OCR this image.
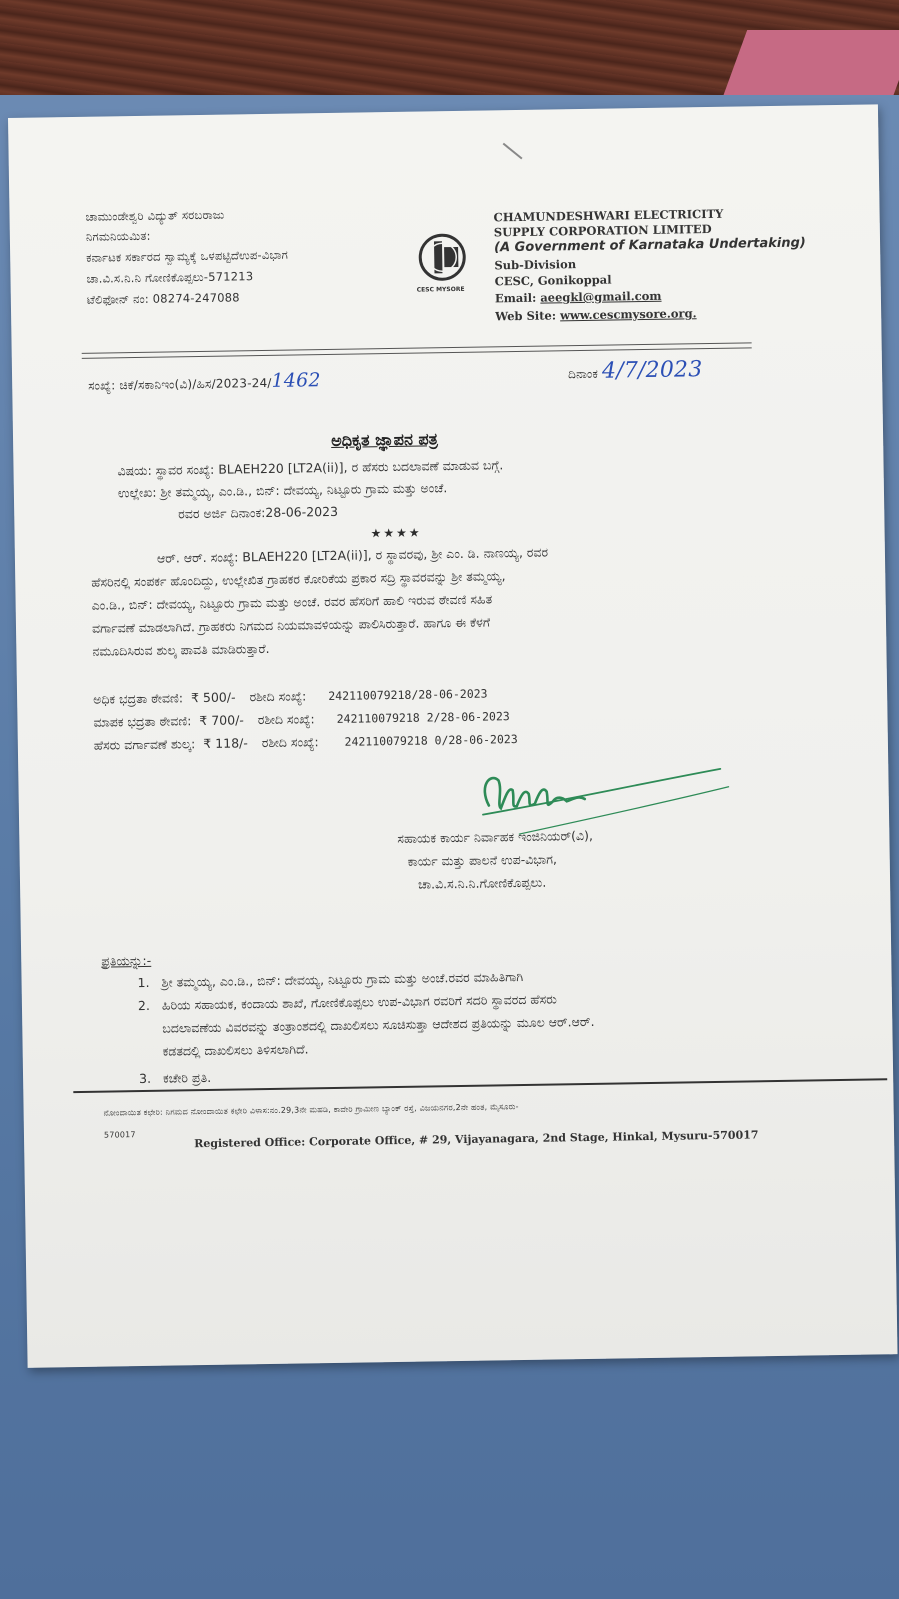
ಚಾಮುಂಡೇಶ್ವರಿ ವಿದ್ಯುತ್ ಸರಬರಾಜು
ನಿಗಮನಿಯಮಿತ:
ಕರ್ನಾಟಕ ಸರ್ಕಾರದ ಸ್ವಾಮ್ಯಕ್ಕೆ ಒಳಪಟ್ಟಿದೆಉಪ-ವಿಭಾಗ
ಚಾ.ವಿ.ಸ.ನಿ.ನಿ ಗೋಣಿಕೊಪ್ಪಲು-571213
ಟೆಲಿಫೋನ್ ನಂ: 08274-247088
CESC MYSORE
CHAMUNDESHWARI ELECTRICITY
SUPPLY CORPORATION LIMITED
(A Government of Karnataka Undertaking)
Sub-Division
CESC, Gonikoppal
Email: aeegkl@gmail.com
Web Site: www.cescmysore.org.
ಸಂಖ್ಯೆ: ಚಿಕೆ/ಸಕಾನಿಇಂ(ವಿ)/ಹಿಸ/2023-24/1462	ದಿನಾಂಕ 4/7/2023
ಅಧಿಕೃತ ಜ್ಞಾಪನ ಪತ್ರ
ವಿಷಯ: ಸ್ಥಾವರ ಸಂಖ್ಯೆ: BLAEH220 [LT2A(ii)], ರ ಹೆಸರು ಬದಲಾವಣೆ ಮಾಡುವ ಬಗ್ಗೆ.
ಉಲ್ಲೇಖ: ಶ್ರೀ ತಮ್ಮಯ್ಯ, ಎಂ.ಡಿ., ಬಿನ್: ದೇವಯ್ಯ, ನಿಟ್ಟೂರು ಗ್ರಾಮ ಮತ್ತು ಅಂಚೆ.
ರವರ ಅರ್ಜಿ ದಿನಾಂಕ:28-06-2023
★★★★
ಆರ್. ಆರ್. ಸಂಖ್ಯೆ: BLAEH220 [LT2A(ii)], ರ ಸ್ಥಾವರವು, ಶ್ರೀ ಎಂ. ಡಿ. ನಾಣಯ್ಯ, ರವರ
ಹೆಸರಿನಲ್ಲಿ ಸಂಪರ್ಕ ಹೊಂದಿದ್ದು, ಉಲ್ಲೇಖಿತ ಗ್ರಾಹಕರ ಕೋರಿಕೆಯ ಪ್ರಕಾರ ಸದ್ರಿ ಸ್ಥಾವರವನ್ನು ಶ್ರೀ ತಮ್ಮಯ್ಯ,
ಎಂ.ಡಿ., ಬಿನ್: ದೇವಯ್ಯ, ನಿಟ್ಟೂರು ಗ್ರಾಮ ಮತ್ತು ಅಂಚೆ. ರವರ ಹೆಸರಿಗೆ ಹಾಲಿ ಇರುವ ಠೇವಣಿ ಸಹಿತ
ವರ್ಗಾವಣೆ ಮಾಡಲಾಗಿದೆ. ಗ್ರಾಹಕರು ನಿಗಮದ ನಿಯಮಾವಳಿಯನ್ನು ಪಾಲಿಸಿರುತ್ತಾರೆ. ಹಾಗೂ ಈ ಕೆಳಗೆ
ನಮೂದಿಸಿರುವ ಶುಲ್ಕ ಪಾವತಿ ಮಾಡಿರುತ್ತಾರೆ.
ಅಧಿಕ ಭದ್ರತಾ ಠೇವಣಿ: ₹ 500/- ರಶೀದಿ ಸಂಖ್ಯೆ: 242110079218/28-06-2023
ಮಾಪಕ ಭದ್ರತಾ ಠೇವಣಿ: ₹ 700/- ರಶೀದಿ ಸಂಖ್ಯೆ: 242110079218 2/28-06-2023
ಹೆಸರು ವರ್ಗಾವಣೆ ಶುಲ್ಕ: ₹ 118/- ರಶೀದಿ ಸಂಖ್ಯೆ: 242110079218 0/28-06-2023
ಸಹಾಯಕ ಕಾರ್ಯ ನಿರ್ವಾಹಕ ಇಂಜಿನಿಯರ್(ವಿ),
ಕಾರ್ಯ ಮತ್ತು ಪಾಲನೆ ಉಪ-ವಿಭಾಗ,
ಚಾ.ವಿ.ಸ.ನಿ.ನಿ.ಗೋಣಿಕೊಪ್ಪಲು.
ಪ್ರತಿಯನ್ನು:-
1. ಶ್ರೀ ತಮ್ಮಯ್ಯ, ಎಂ.ಡಿ., ಬಿನ್: ದೇವಯ್ಯ, ನಿಟ್ಟೂರು ಗ್ರಾಮ ಮತ್ತು ಅಂಚೆ.ರವರ ಮಾಹಿತಿಗಾಗಿ
2. ಹಿರಿಯ ಸಹಾಯಕ, ಕಂದಾಯ ಶಾಖೆ, ಗೋಣಿಕೊಪ್ಪಲು ಉಪ-ವಿಭಾಗ ರವರಿಗೆ ಸದರಿ ಸ್ಥಾವರದ ಹೆಸರು
ಬದಲಾವಣೆಯ ವಿವರವನ್ನು ತಂತ್ರಾಂಶದಲ್ಲಿ ದಾಖಲಿಸಲು ಸೂಚಿಸುತ್ತಾ ಆದೇಶದ ಪ್ರತಿಯನ್ನು ಮೂಲ ಆರ್.ಆರ್.
ಕಡತದಲ್ಲಿ ದಾಖಲಿಸಲು ತಿಳಿಸಲಾಗಿದೆ.
3. ಕಚೇರಿ ಪ್ರತಿ.
ನೋಂದಾಯಿತ ಕಛೇರಿ: ನಿಗಮದ ನೋಂದಾಯಿತ ಕಛೇರಿ ವಿಳಾಸ:ನಂ.29,3ನೇ ಮಹಡಿ, ಕಾವೇರಿ ಗ್ರಾಮೀಣ ಬ್ಯಾಂಕ್ ರಸ್ತೆ, ವಿಜಯನಗರ,2ನೇ ಹಂತ, ಮೈಸೂರು-
570017	Registered Office: Corporate Office, # 29, Vijayanagara, 2nd Stage, Hinkal, Mysuru-570017
